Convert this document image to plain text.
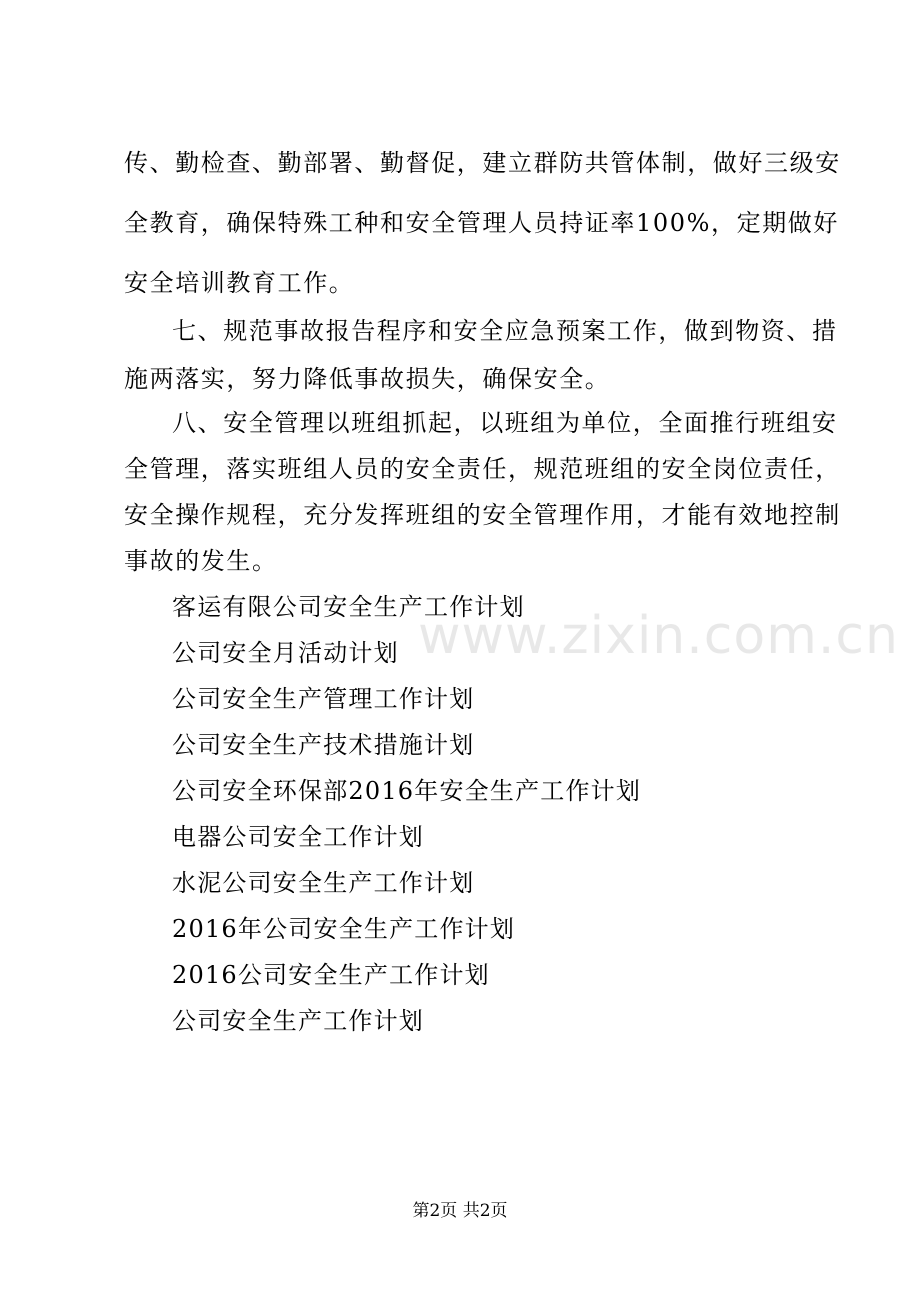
传、勤检查、勤部署、勤督促，建立群防共管体制，做好三级安
全教育，确保特殊工种和安全管理人员持证率100%，定期做好
安全培训教育工作。
七、规范事故报告程序和安全应急预案工作，做到物资、措
施两落实，努力降低事故损失，确保安全。
八、安全管理以班组抓起，以班组为单位，全面推行班组安
全管理，落实班组人员的安全责任，规范班组的安全岗位责任，
安全操作规程，充分发挥班组的安全管理作用，才能有效地控制
事故的发生。
客运有限公司安全生产工作计划
公司安全月活动计划
公司安全生产管理工作计划
公司安全生产技术措施计划
公司安全环保部2016年安全生产工作计划
电器公司安全工作计划
水泥公司安全生产工作计划
2016年公司安全生产工作计划
2016公司安全生产工作计划
公司安全生产工作计划
www.zixin.com.cn
第2页 共2页
